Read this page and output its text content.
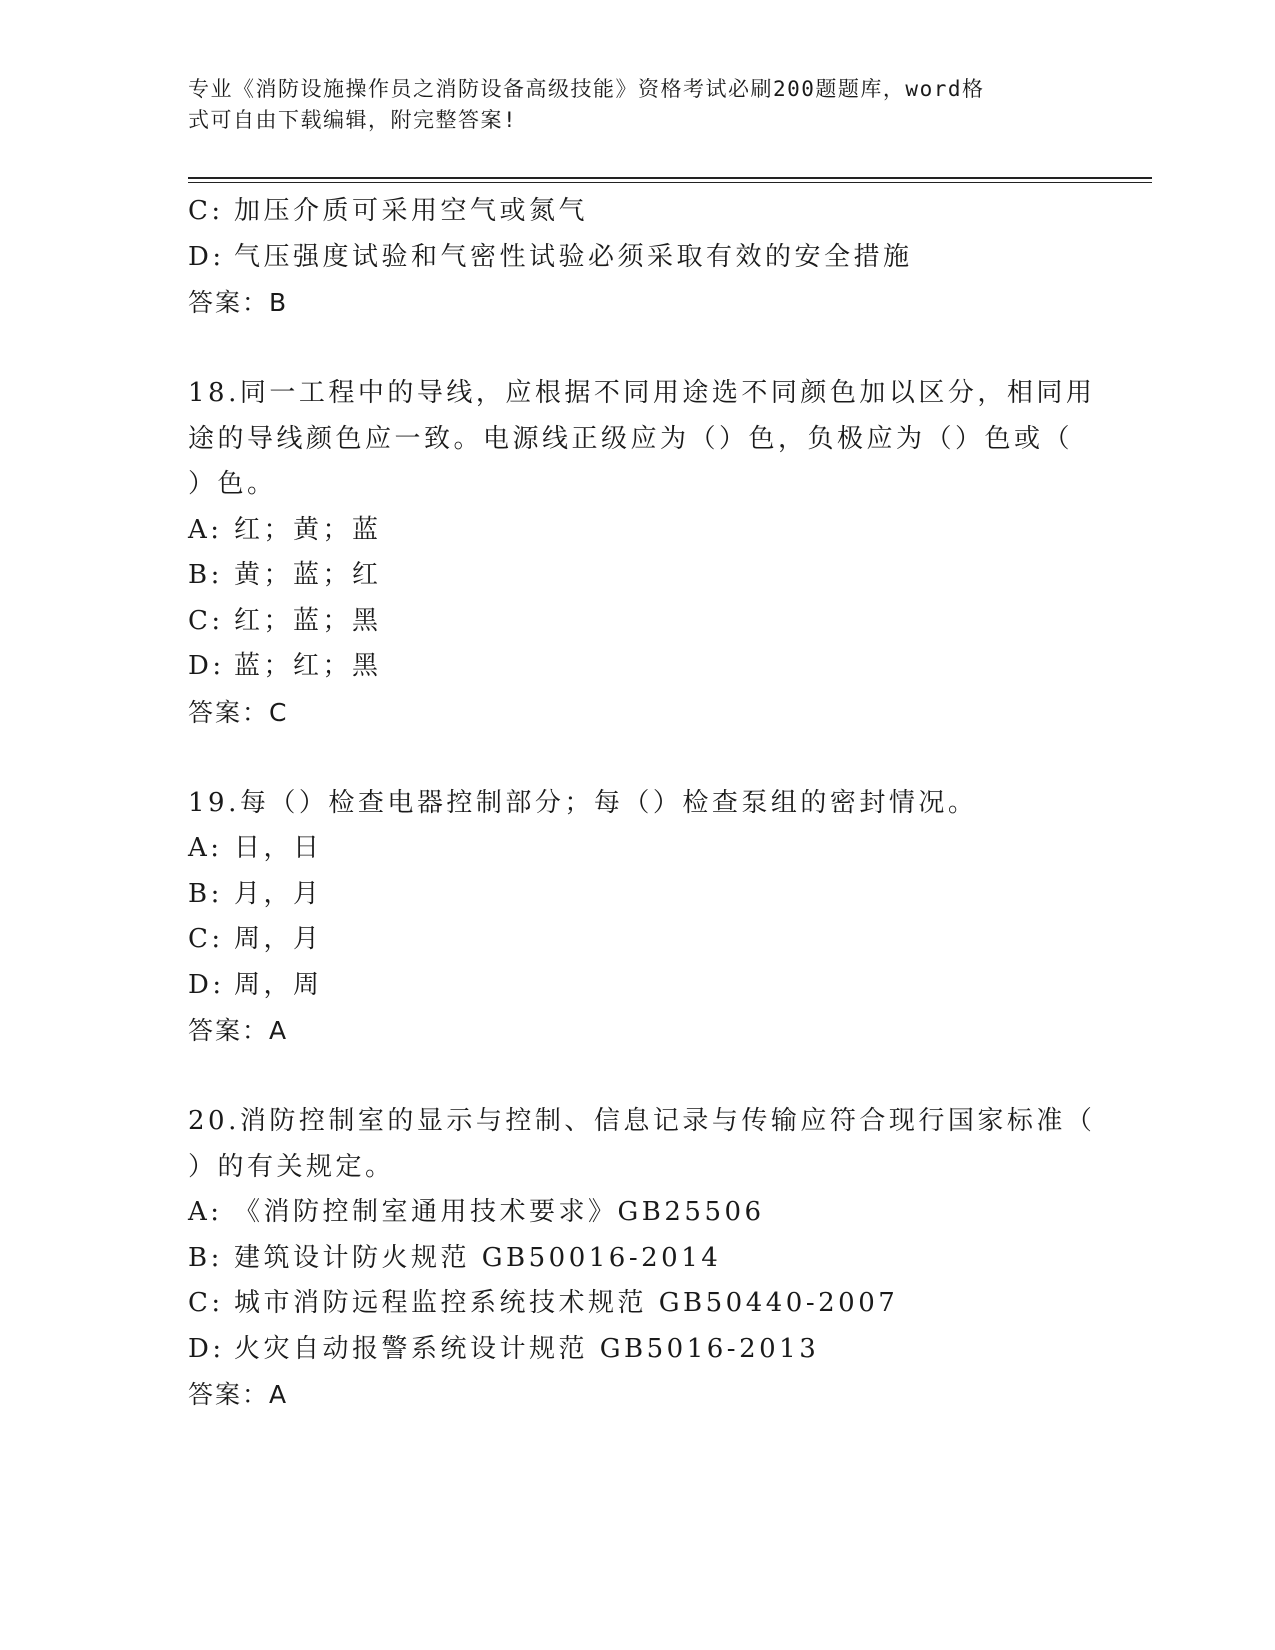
专业《消防设施操作员之消防设备高级技能》资格考试必刷200题题库，word格
式可自由下载编辑，附完整答案!
C: 加压介质可采用空气或氮气
D: 气压强度试验和气密性试验必须采取有效的安全措施
答案：B
18.同一工程中的导线，应根据不同用途选不同颜色加以区分，相同用
途的导线颜色应一致。电源线正级应为（）色，负极应为（）色或（
）色。
A: 红；黄；蓝
B: 黄；蓝；红
C: 红；蓝；黑
D: 蓝；红；黑
答案：C
19.每（）检查电器控制部分；每（）检查泵组的密封情况。
A: 日，日
B: 月，月
C: 周，月
D: 周，周
答案：A
20.消防控制室的显示与控制、信息记录与传输应符合现行国家标准（
）的有关规定。
A: 《消防控制室通用技术要求》GB25506
B: 建筑设计防火规范 GB50016-2014
C: 城市消防远程监控系统技术规范 GB50440-2007
D: 火灾自动报警系统设计规范 GB5016-2013
答案：A
